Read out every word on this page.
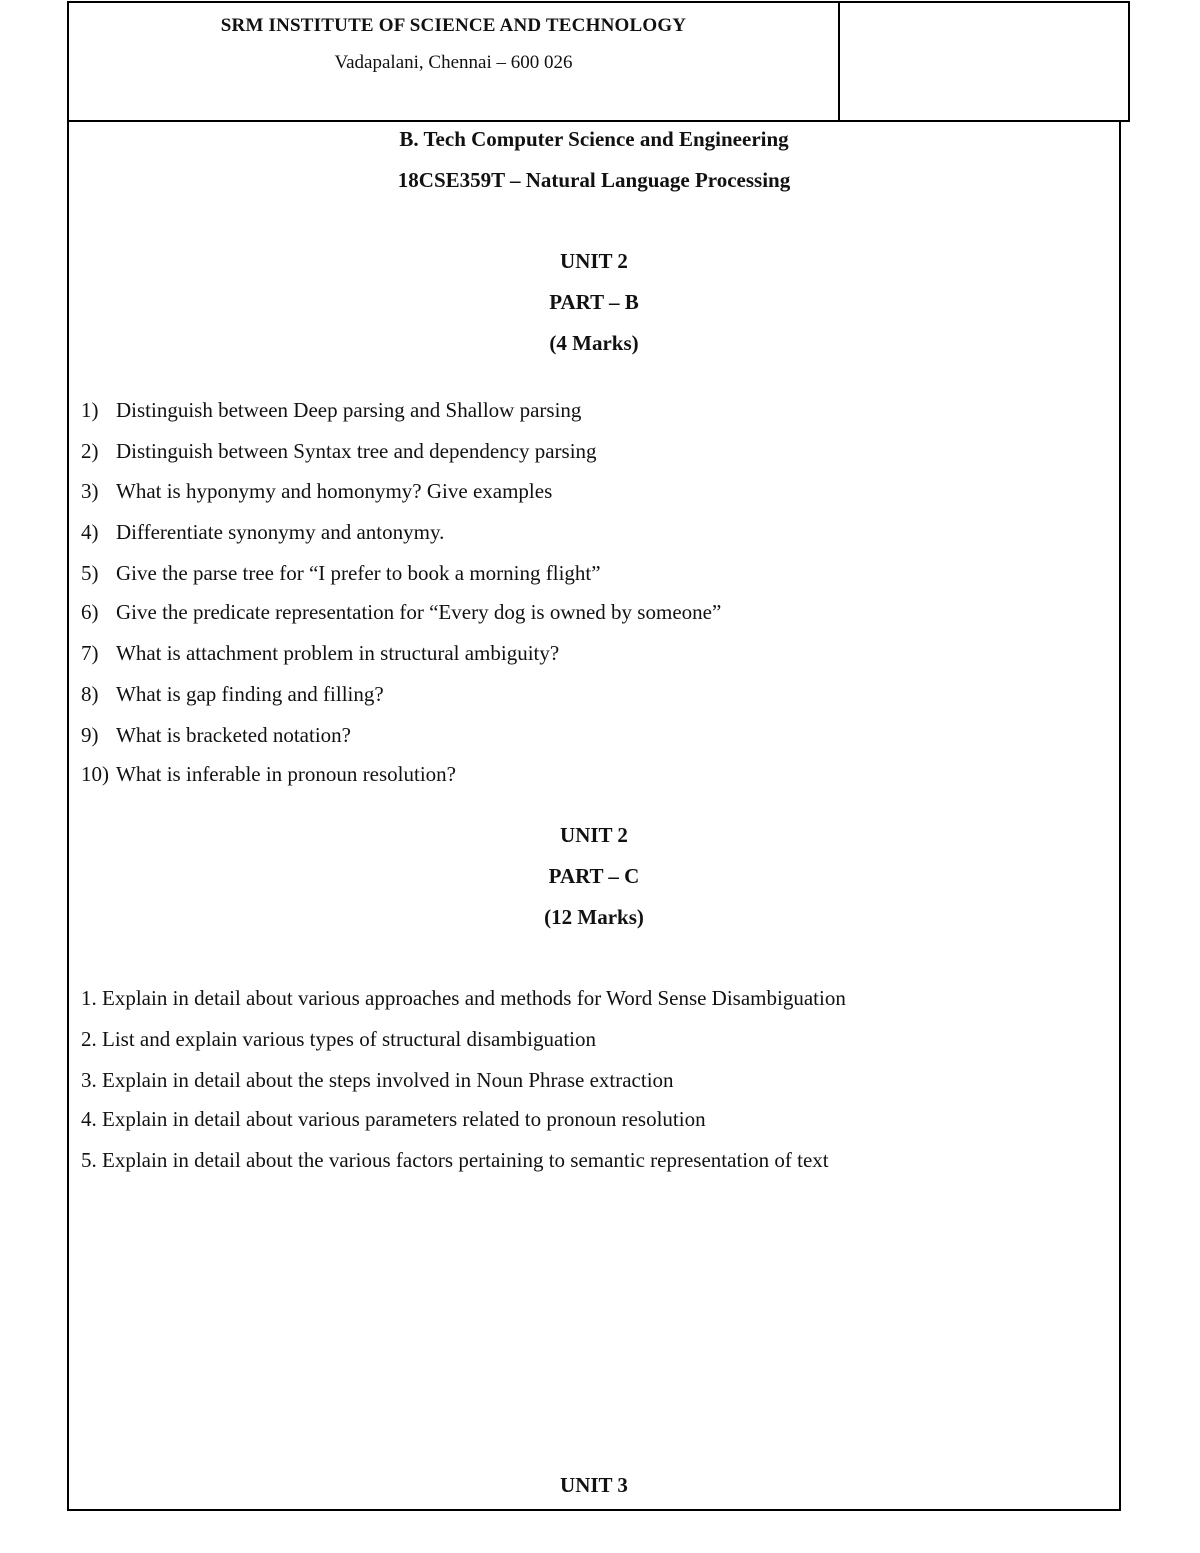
SRM INSTITUTE OF SCIENCE AND TECHNOLOGY
Vadapalani, Chennai – 600 026
B. Tech Computer Science and Engineering
18CSE359T – Natural Language Processing
UNIT 2
PART – B
(4 Marks)
1) Distinguish between Deep parsing and Shallow parsing
2) Distinguish between Syntax tree and dependency parsing
3) What is hyponymy and homonymy? Give examples
4) Differentiate synonymy and antonymy.
5) Give the parse tree for “I prefer to book a morning flight”
6) Give the predicate representation for “Every dog is owned by someone”
7) What is attachment problem in structural ambiguity?
8) What is gap finding and filling?
9) What is bracketed notation?
10) What is inferable in pronoun resolution?
UNIT 2
PART – C
(12 Marks)
1. Explain in detail about various approaches and methods for Word Sense Disambiguation
2. List and explain various types of structural disambiguation
3. Explain in detail about the steps involved in Noun Phrase extraction
4. Explain in detail about various parameters related to pronoun resolution
5. Explain in detail about the various factors pertaining to semantic representation of text
UNIT 3
